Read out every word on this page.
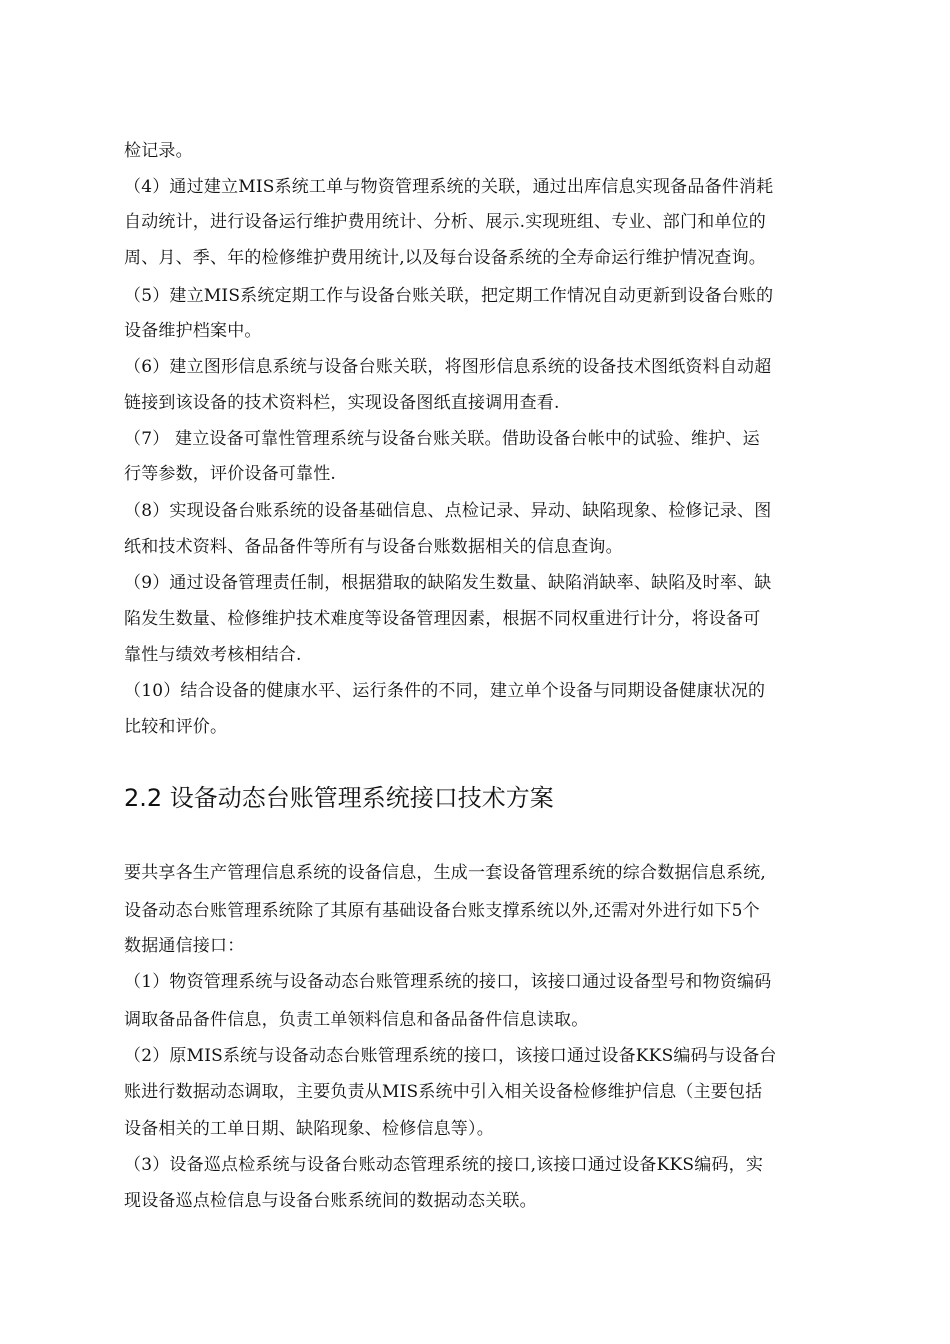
检记录。
（4）通过建立MIS系统工单与物资管理系统的关联，通过出库信息实现备品备件消耗
自动统计，进行设备运行维护费用统计、分析、展示.实现班组、专业、部门和单位的
周、月、季、年的检修维护费用统计,以及每台设备系统的全寿命运行维护情况查询。
（5）建立MIS系统定期工作与设备台账关联，把定期工作情况自动更新到设备台账的
设备维护档案中。
（6）建立图形信息系统与设备台账关联，将图形信息系统的设备技术图纸资料自动超
链接到该设备的技术资料栏，实现设备图纸直接调用查看.
（7） 建立设备可靠性管理系统与设备台账关联。借助设备台帐中的试验、维护、运
行等参数，评价设备可靠性.
（8）实现设备台账系统的设备基础信息、点检记录、异动、缺陷现象、检修记录、图
纸和技术资料、备品备件等所有与设备台账数据相关的信息查询。
（9）通过设备管理责任制，根据猎取的缺陷发生数量、缺陷消缺率、缺陷及时率、缺
陷发生数量、检修维护技术难度等设备管理因素，根据不同权重进行计分，将设备可
靠性与绩效考核相结合.
（10）结合设备的健康水平、运行条件的不同，建立单个设备与同期设备健康状况的
比较和评价。
2.2 设备动态台账管理系统接口技术方案
要共享各生产管理信息系统的设备信息，生成一套设备管理系统的综合数据信息系统,
设备动态台账管理系统除了其原有基础设备台账支撑系统以外,还需对外进行如下5个
数据通信接口：
（1）物资管理系统与设备动态台账管理系统的接口，该接口通过设备型号和物资编码
调取备品备件信息，负责工单领料信息和备品备件信息读取。
（2）原MIS系统与设备动态台账管理系统的接口，该接口通过设备KKS编码与设备台
账进行数据动态调取，主要负责从MIS系统中引入相关设备检修维护信息（主要包括
设备相关的工单日期、缺陷现象、检修信息等）。
（3）设备巡点检系统与设备台账动态管理系统的接口,该接口通过设备KKS编码，实
现设备巡点检信息与设备台账系统间的数据动态关联。
